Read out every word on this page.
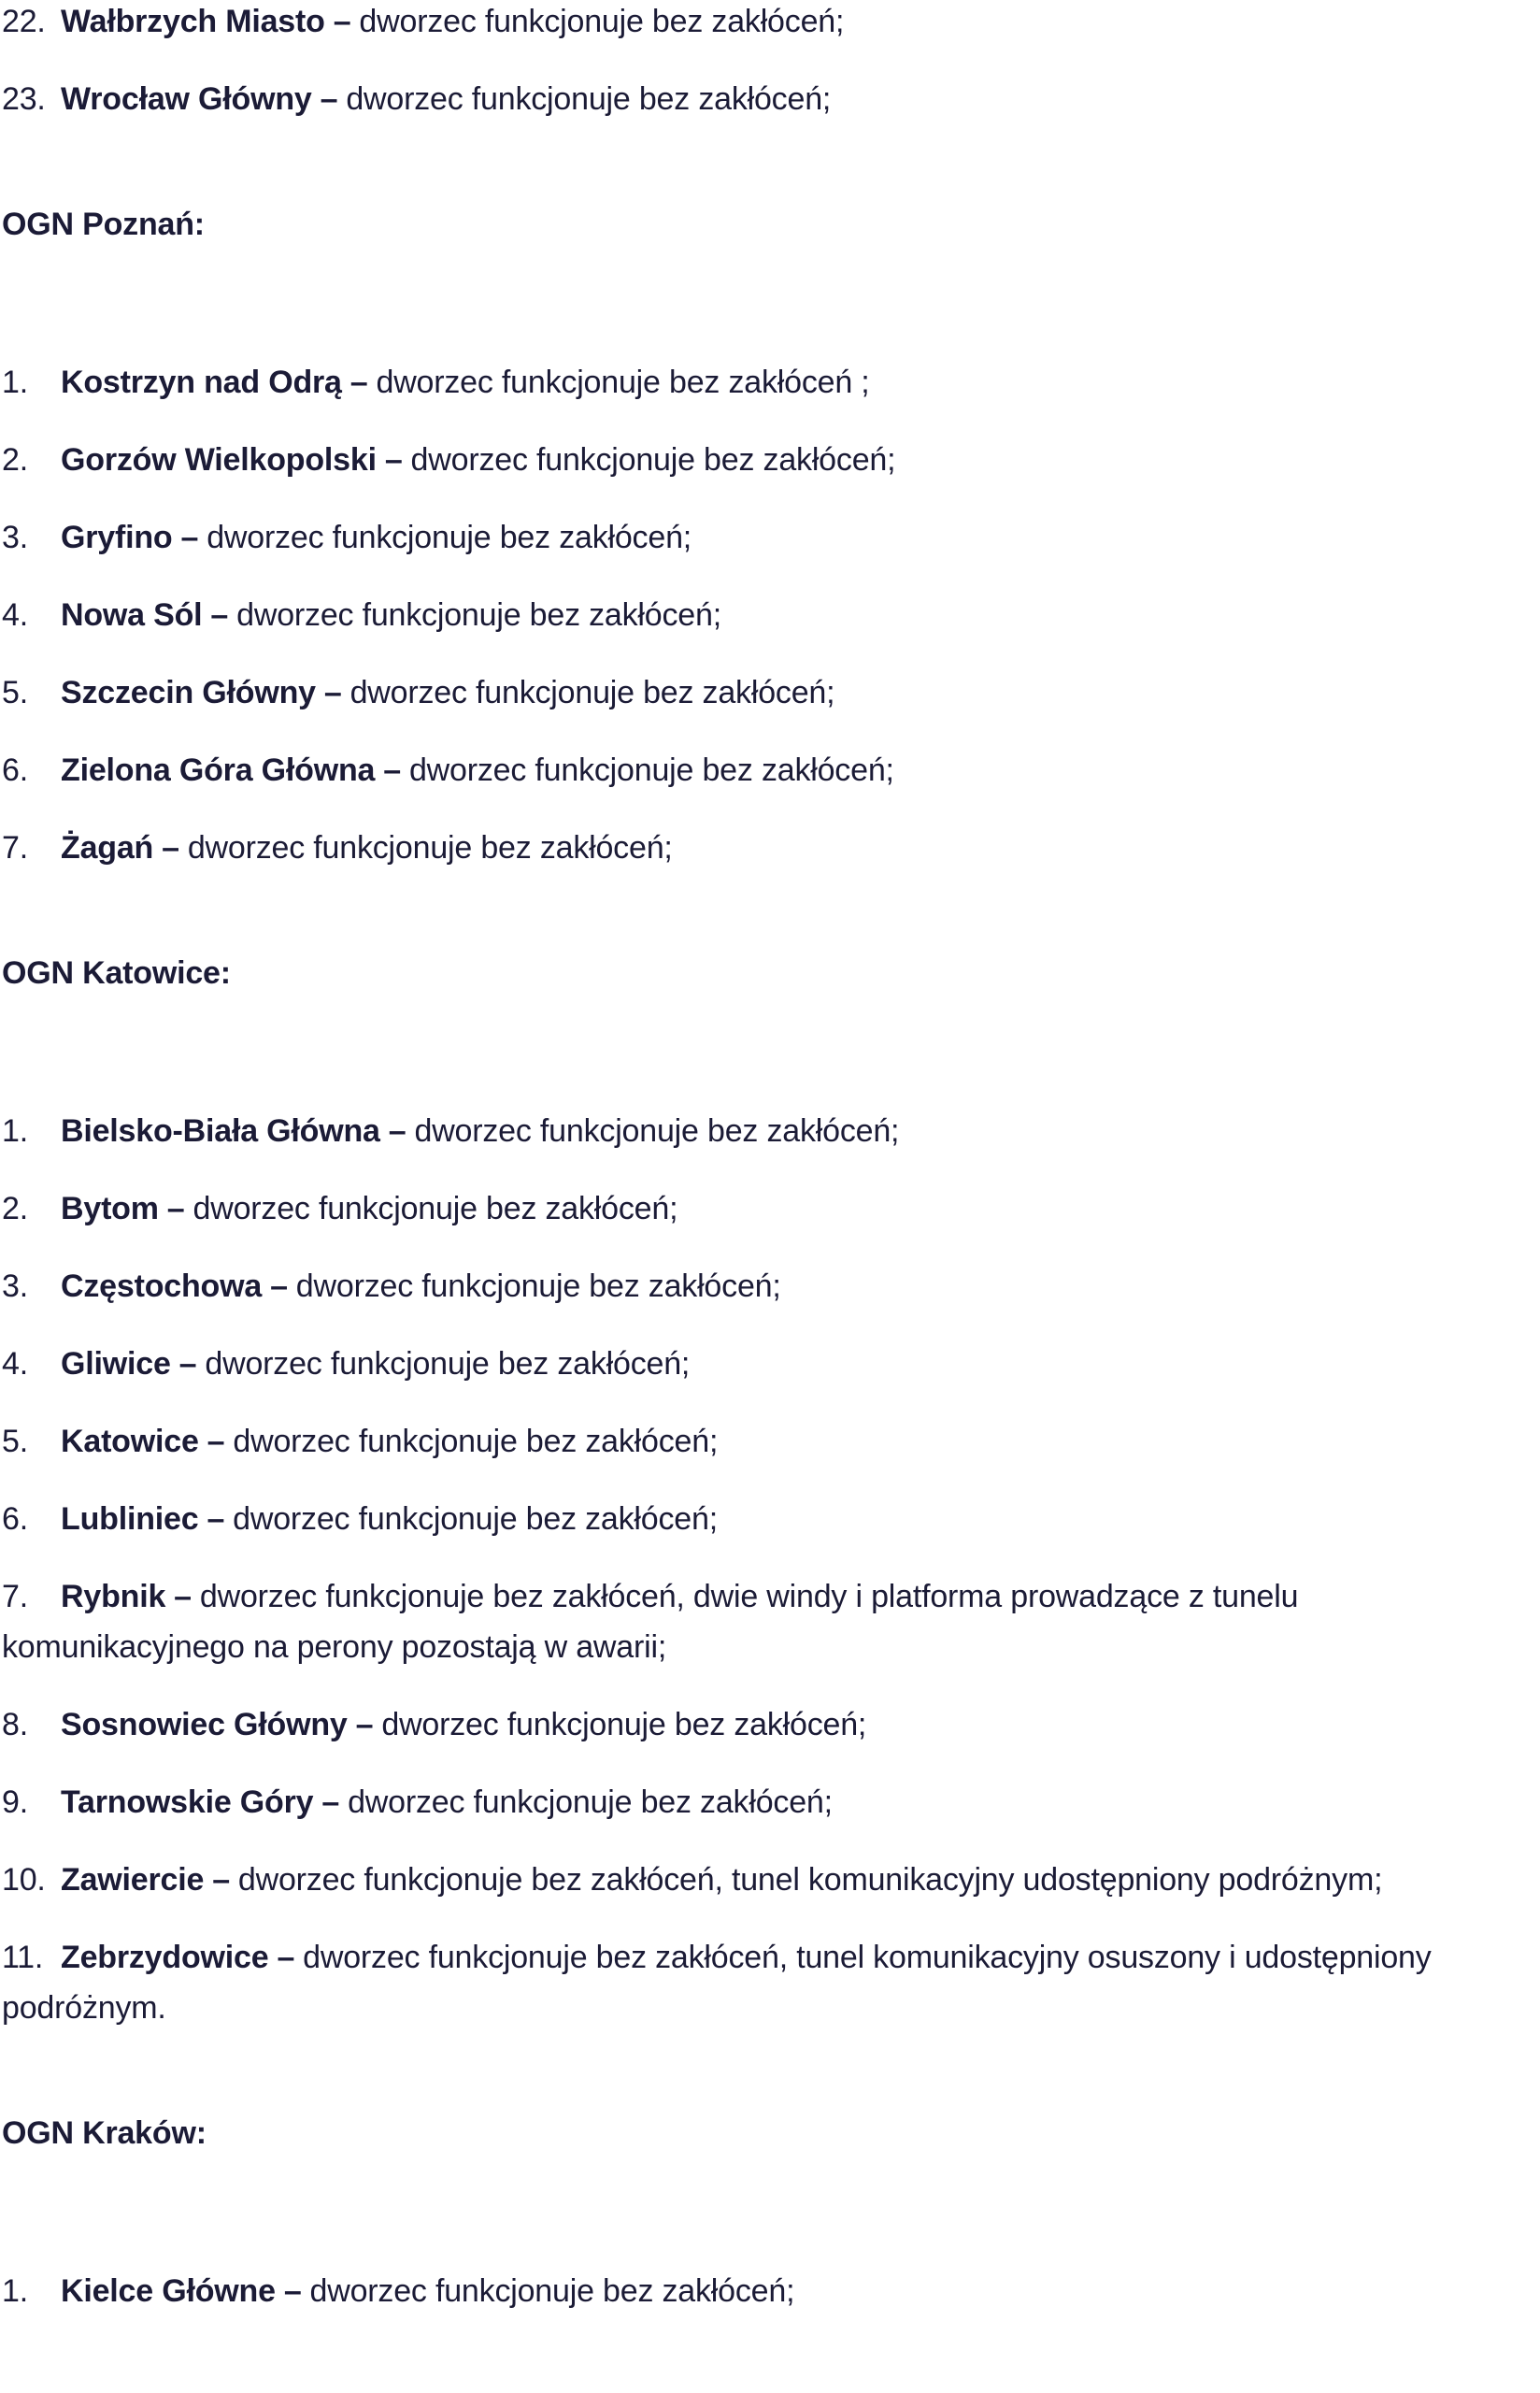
22. Wałbrzych Miasto – dworzec funkcjonuje bez zakłóceń;

23. Wrocław Główny – dworzec funkcjonuje bez zakłóceń;

OGN Poznań:

1. Kostrzyn nad Odrą – dworzec funkcjonuje bez zakłóceń ;

2. Gorzów Wielkopolski – dworzec funkcjonuje bez zakłóceń;

3. Gryfino – dworzec funkcjonuje bez zakłóceń;

4. Nowa Sól – dworzec funkcjonuje bez zakłóceń;

5. Szczecin Główny – dworzec funkcjonuje bez zakłóceń;

6. Zielona Góra Główna – dworzec funkcjonuje bez zakłóceń;

7. Żagań – dworzec funkcjonuje bez zakłóceń;

OGN Katowice:

1. Bielsko-Biała Główna – dworzec funkcjonuje bez zakłóceń;

2. Bytom – dworzec funkcjonuje bez zakłóceń;

3. Częstochowa – dworzec funkcjonuje bez zakłóceń;

4. Gliwice – dworzec funkcjonuje bez zakłóceń;

5. Katowice – dworzec funkcjonuje bez zakłóceń;

6. Lubliniec – dworzec funkcjonuje bez zakłóceń;

7. Rybnik – dworzec funkcjonuje bez zakłóceń, dwie windy i platforma prowadzące z tunelu
komunikacyjnego na perony pozostają w awarii;

8. Sosnowiec Główny – dworzec funkcjonuje bez zakłóceń;

9. Tarnowskie Góry – dworzec funkcjonuje bez zakłóceń;

10. Zawiercie – dworzec funkcjonuje bez zakłóceń, tunel komunikacyjny udostępniony podróżnym;

11. Zebrzydowice – dworzec funkcjonuje bez zakłóceń, tunel komunikacyjny osuszony i udostępniony
podróżnym.

OGN Kraków:

1. Kielce Główne – dworzec funkcjonuje bez zakłóceń;
